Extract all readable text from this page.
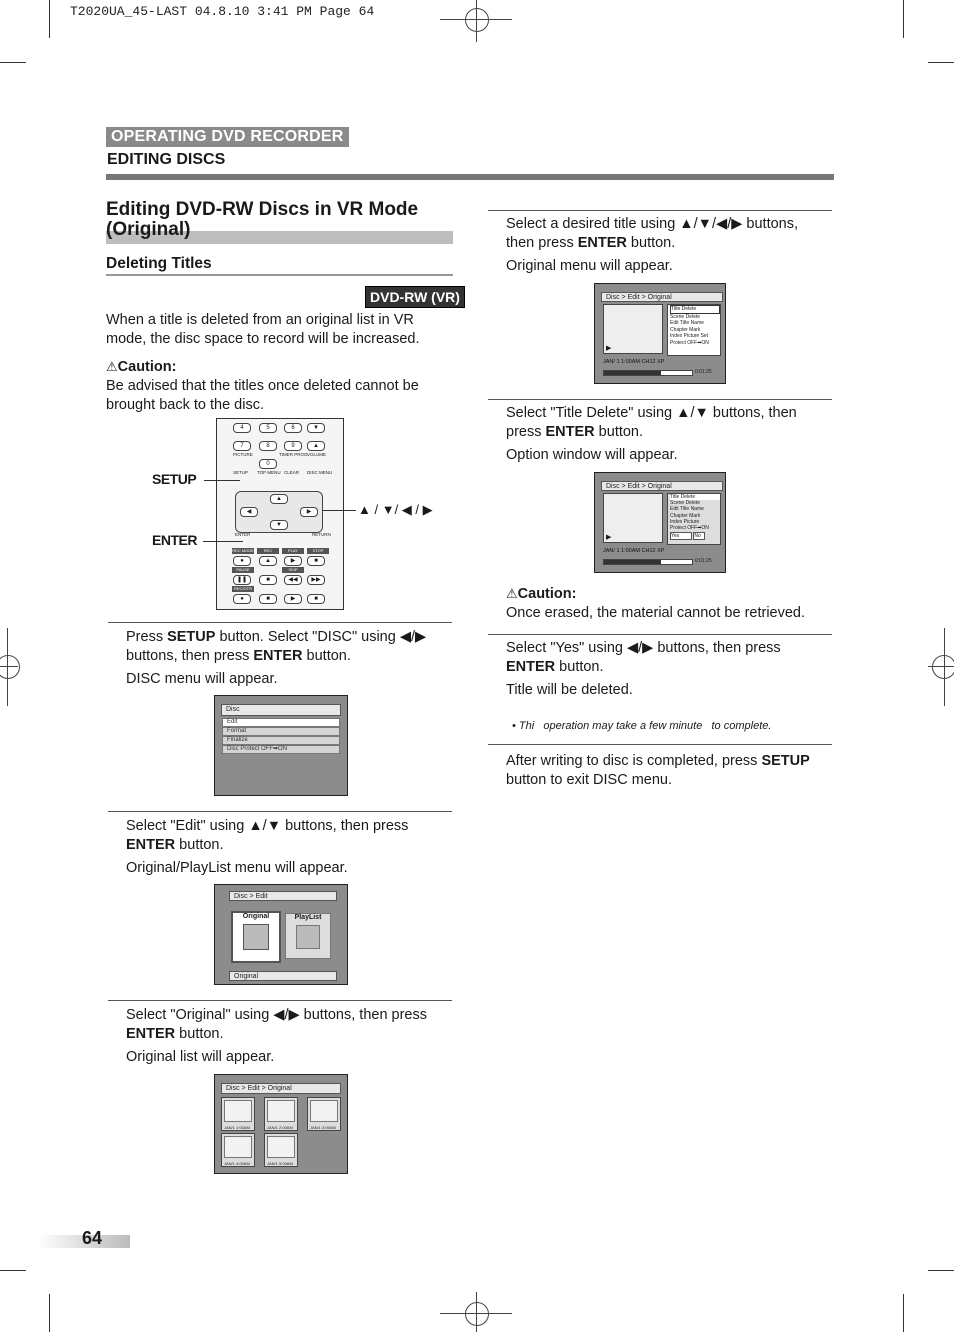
T2020UA_45-LAST 04.8.10 3:41 PM Page 64
OPERATING DVD RECORDER
EDITING DISCS
Editing DVD-RW Discs in VR Mode (Original)
Deleting Titles
DVD-RW (VR)
When a title is deleted from an original list in VR mode, the disc space to record will be increased.
⚠Caution:
Be advised that the titles once deleted cannot be brought back to the disc.
4	5	6	▼
7	8	9	▲
PICTURE	TIMER PROG.
VOLUME
0
SETUP TOP MENU CLEAR DISC MENU
▲
▼
◀	▶
ENTER	RETURN
REC MODE	REC	PLAY	STOP
●	▲	▶	■
PAUSE	SKIP
❚❚	■	◀◀	▶▶
REC/OTR
●	■	▶	■
SETUP
ENTER
▲ / ▼/ ◀ / ▶
Press SETUP button. Select "DISC" using ◀/▶ buttons, then press ENTER button.
DISC menu will appear.
Disc
Edit
Format
Finalize
Disc Protect OFF➡ON
Select "Edit" using ▲/▼ buttons, then press ENTER button.
Original/PlayList menu will appear.
Disc > Edit
Original	PlayList
Original
Select "Original" using ◀/▶ buttons, then press ENTER button.
Original list will appear.
Disc > Edit > Original
JAN/1 1:00AM	JAN/1 2:00AM	JAN/1 3:00AM
JAN/1 4:00AM	JAN/1 5:00AM
Select a desired title using ▲/▼/◀/▶ buttons, then press ENTER button.
Original menu will appear.
Disc > Edit > Original
▶
Title Delete
Scene Delete
Edit Title Name
Chapter Mark
Index Picture Set
Protect OFF➡ON
JAN/ 1 1:00AM CH12 XP
0:01:25
Select "Title Delete" using ▲/▼ buttons, then press ENTER button.
Option window will appear.
Disc > Edit > Original
▶
Title Delete
Scene Delete
Edit Title Name
Chapter Mark
Index Picture
Protect OFF➡ON
Yes	No
JAN/ 1 1:00AM CH12 XP
0:01:25
⚠Caution:
Once erased, the material cannot be retrieved.
Select "Yes" using ◀/▶ buttons, then press ENTER button.
Title will be deleted.
• Thi   operation may take a few minute   to complete.
After writing to disc is completed, press SETUP button to exit DISC menu.
64
